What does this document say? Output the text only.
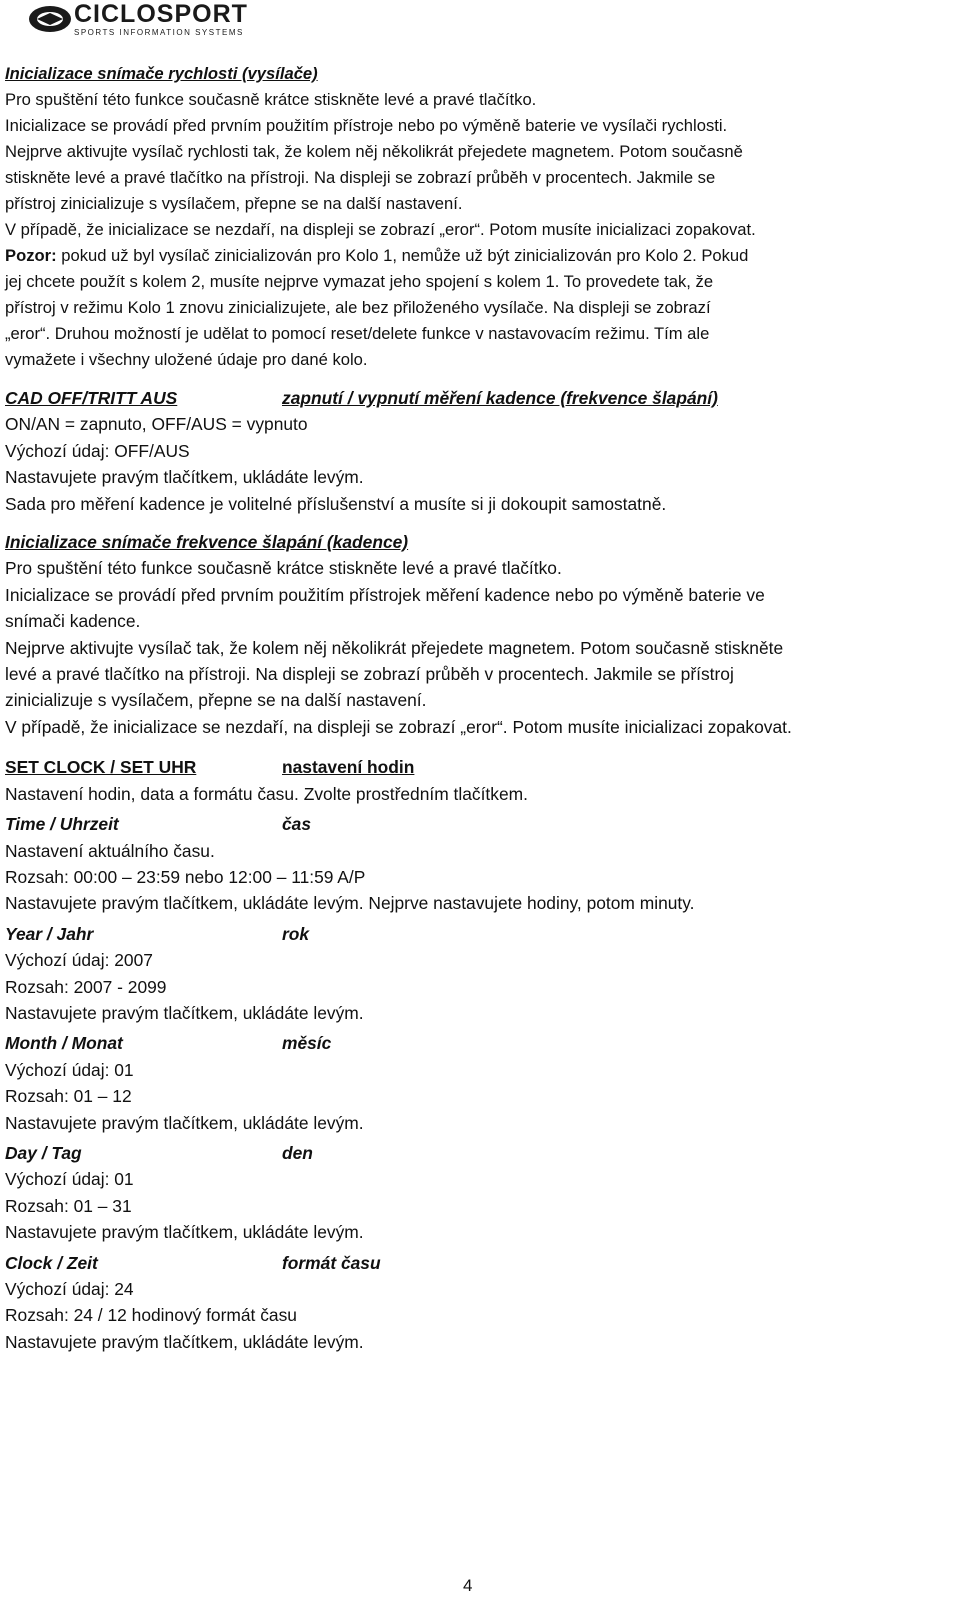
CICLOSPORT
SPORTS INFORMATION SYSTEMS

Inicializace snímače rychlosti (vysílače)

Pro spuštění této funkce současně krátce stiskněte levé a pravé tlačítko.

Inicializace se provádí před prvním použitím přístroje nebo po výměně baterie ve vysílači rychlosti.

Nejprve aktivujte vysílač rychlosti tak, že kolem něj několikrát přejedete magnetem. Potom současně

stiskněte levé a pravé tlačítko na přístroji. Na displeji se zobrazí průběh v procentech. Jakmile se

přístroj zinicializuje s vysílačem, přepne se na další nastavení.

V případě, že inicializace se nezdaří, na displeji se zobrazí „eror“. Potom musíte inicializaci zopakovat.

Pozor: pokud už byl vysílač zinicializován pro Kolo 1, nemůže už být zinicializován pro Kolo 2. Pokud

jej chcete použít s kolem 2, musíte nejprve vymazat jeho spojení s kolem 1. To provedete tak, že

přístroj v režimu Kolo 1 znovu zinicializujete, ale bez přiloženého vysílače. Na displeji se zobrazí

„eror“. Druhou možností je udělat to pomocí reset/delete funkce v nastavovacím režimu. Tím ale

vymažete i všechny uložené údaje pro dané kolo.

CAD OFF/TRITT AUS	zapnutí / vypnutí měření kadence (frekvence šlapání)

ON/AN = zapnuto, OFF/AUS = vypnuto

Výchozí údaj: OFF/AUS

Nastavujete pravým tlačítkem, ukládáte levým.

Sada pro měření kadence je volitelné příslušenství a musíte si ji dokoupit samostatně.

Inicializace snímače frekvence šlapání (kadence)

Pro spuštění této funkce současně krátce stiskněte levé a pravé tlačítko.

Inicializace se provádí před prvním použitím přístrojek měření kadence nebo po výměně baterie ve

snímači kadence.

Nejprve aktivujte vysílač tak, že kolem něj několikrát přejedete magnetem. Potom současně stiskněte

levé a pravé tlačítko na přístroji. Na displeji se zobrazí průběh v procentech. Jakmile se přístroj

zinicializuje s vysílačem, přepne se na další nastavení.

V případě, že inicializace se nezdaří, na displeji se zobrazí „eror“. Potom musíte inicializaci zopakovat.

SET CLOCK / SET UHR	nastavení hodin

Nastavení hodin, data a formátu času. Zvolte prostředním tlačítkem.

Time / Uhrzeit	čas

Nastavení aktuálního času.

Rozsah: 00:00 – 23:59 nebo 12:00 – 11:59 A/P

Nastavujete pravým tlačítkem, ukládáte levým. Nejprve nastavujete hodiny, potom minuty.

Year / Jahr	rok

Výchozí údaj: 2007

Rozsah: 2007 - 2099

Nastavujete pravým tlačítkem, ukládáte levým.

Month / Monat	měsíc

Výchozí údaj: 01

Rozsah: 01 – 12

Nastavujete pravým tlačítkem, ukládáte levým.

Day / Tag	den

Výchozí údaj: 01

Rozsah: 01 – 31

Nastavujete pravým tlačítkem, ukládáte levým.

Clock / Zeit	formát času

Výchozí údaj: 24

Rozsah: 24 / 12 hodinový formát času

Nastavujete pravým tlačítkem, ukládáte levým.

4
